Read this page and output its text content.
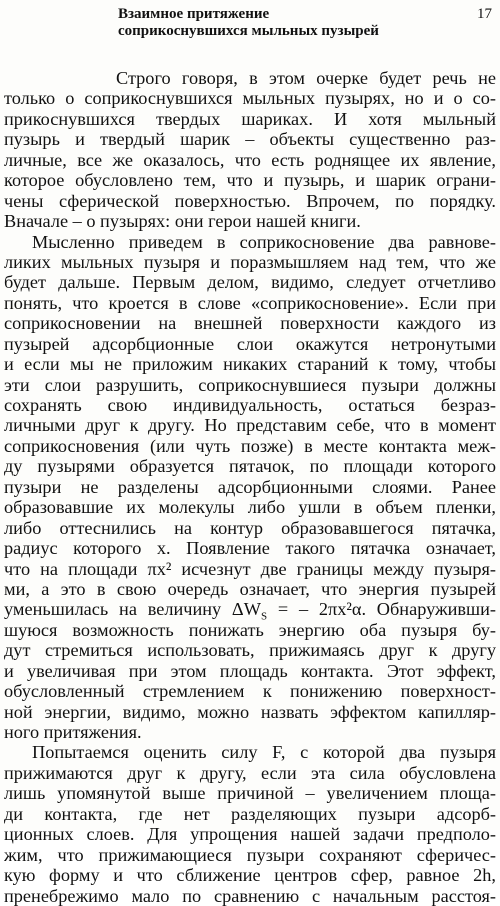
17
Взаимное притяжение
соприкоснувшихся мыльных пузырей
Строго говоря, в этом очерке будет речь не
только о соприкоснувшихся мыльных пузырях, но и о со-
прикоснувшихся твердых шариках. И хотя мыльный
пузырь и твердый шарик – объекты существенно раз-
личные, все же оказалось, что есть роднящее их явление,
которое обусловлено тем, что и пузырь, и шарик ограни-
чены сферической поверхностью. Впрочем, по порядку.
Вначале – о пузырях: они герои нашей книги.
Мысленно приведем в соприкосновение два равнове-
ликих мыльных пузыря и поразмышляем над тем, что же
будет дальше. Первым делом, видимо, следует отчетливо
понять, что кроется в слове «соприкосновение». Если при
соприкосновении на внешней поверхности каждого из
пузырей адсорбционные слои окажутся нетронутыми
и если мы не приложим никаких стараний к тому, чтобы
эти слои разрушить, соприкоснувшиеся пузыри должны
сохранять свою индивидуальность, остаться безраз-
личными друг к другу. Но представим себе, что в момент
соприкосновения (или чуть позже) в месте контакта меж-
ду пузырями образуется пятачок, по площади которого
пузыри не разделены адсорбционными слоями. Ранее
образовавшие их молекулы либо ушли в объем пленки,
либо оттеснились на контур образовавшегося пятачка,
радиус которого x. Появление такого пятачка означает,
что на площади πx² исчезнут две границы между пузыря-
ми, а это в свою очередь означает, что энергия пузырей
уменьшилась на величину $\Delta W_S$ = – 2πx²α. Обнаруживши-
шуюся возможность понижать энергию оба пузыря бу-
дут стремиться использовать, прижимаясь друг к другу
и увеличивая при этом площадь контакта. Этот эффект,
обусловленный стремлением к понижению поверхност-
ной энергии, видимо, можно назвать эффектом капилляр-
ного притяжения.
Попытаемся оценить силу F, с которой два пузыря
прижимаются друг к другу, если эта сила обусловлена
лишь упомянутой выше причиной – увеличением площа-
ди контакта, где нет разделяющих пузыри адсорб-
ционных слоев. Для упрощения нашей задачи предполо-
жим, что прижимающиеся пузыри сохраняют сферичес-
кую форму и что сближение центров сфер, равное 2h,
пренебрежимо мало по сравнению с начальным расстоя-
